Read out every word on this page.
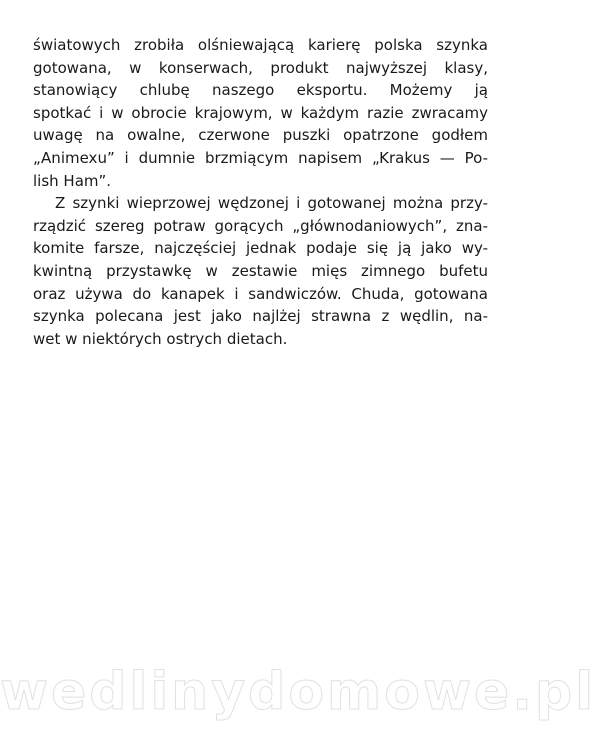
światowych zrobiła olśniewającą karierę polska szynka
gotowana, w konserwach, produkt najwyższej klasy,
stanowiący chlubę naszego eksportu. Możemy ją
spotkać i w obrocie krajowym, w każdym razie zwracamy
uwagę na owalne, czerwone puszki opatrzone godłem
„Animexu” i dumnie brzmiącym napisem „Krakus — Po-
lish Ham”.
Z szynki wieprzowej wędzonej i gotowanej można przy-
rządzić szereg potraw gorących „głównodaniowych”, zna-
komite farsze, najczęściej jednak podaje się ją jako wy-
kwintną przystawkę w zestawie mięs zimnego bufetu
oraz używa do kanapek i sandwiczów. Chuda, gotowana
szynka polecana jest jako najlżej strawna z wędlin, na-
wet w niektórych ostrych dietach.
wedlinydomowe.pl
